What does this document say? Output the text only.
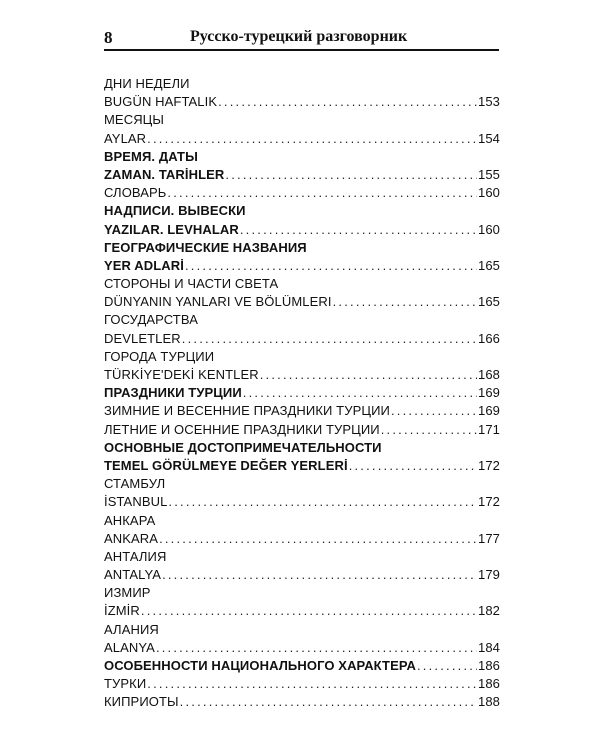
8	Русско-турецкий разговорник
ДНИ НЕДЕЛИ
BUGÜN HAFTALIK .....	153
МЕСЯЦЫ
AYLAR .....	154
ВРЕМЯ. ДАТЫ
ZAMAN. TARİHLER .....	155
СЛОВАРЬ .....	160
НАДПИСИ. ВЫВЕСКИ
YAZILAR. LEVHALAR .....	160
ГЕОГРАФИЧЕСКИЕ НАЗВАНИЯ
YER ADLARİ .....	165
СТОРОНЫ И ЧАСТИ СВЕТА
DÜNYANIN YANLARI VE BÖLÜMLERI .....	165
ГОСУДАРСТВА
DEVLETLER .....	166
ГОРОДА ТУРЦИИ
TÜRKİYE'DEKİ KENTLER .....	168
ПРАЗДНИКИ ТУРЦИИ .....	169
ЗИМНИЕ И ВЕСЕННИЕ ПРАЗДНИКИ ТУРЦИИ .....	169
ЛЕТНИЕ И ОСЕННИЕ ПРАЗДНИКИ ТУРЦИИ .....	171
ОСНОВНЫЕ ДОСТОПРИМЕЧАТЕЛЬНОСТИ
TEMEL GÖRÜLMEYE DEĞER YERLERİ .....	172
СТАМБУЛ
İSTANBUL .....	172
АНКАРА
ANKARA .....	177
АНТАЛИЯ
ANTALYA .....	179
ИЗМИР
İZMİR .....	182
АЛАНИЯ
ALANYA .....	184
ОСОБЕННОСТИ НАЦИОНАЛЬНОГО ХАРАКТЕРА .....	186
ТУРКИ .....	186
КИПРИОТЫ .....	188
